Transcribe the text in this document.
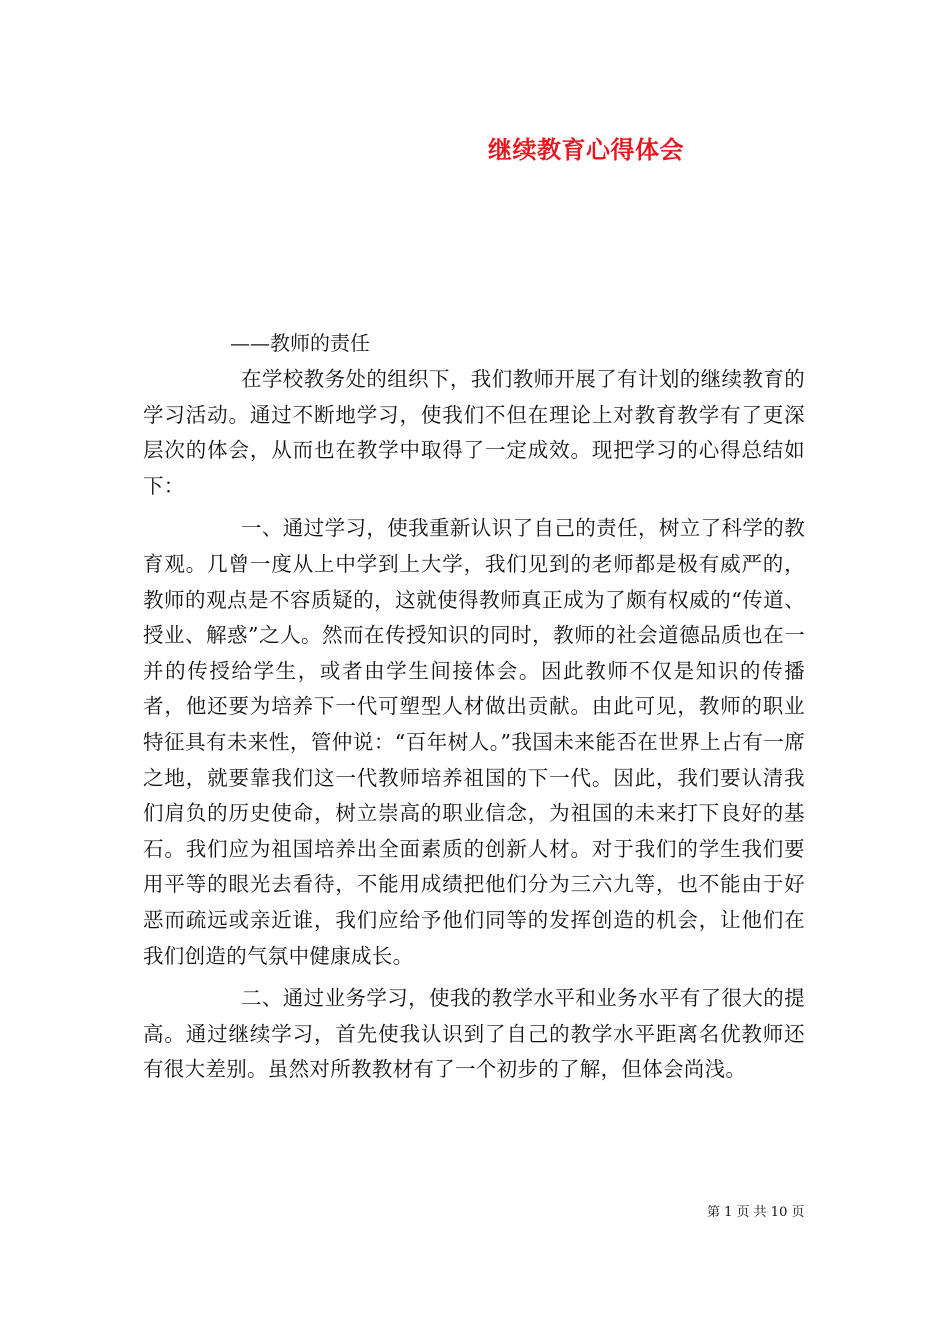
继续教育心得体会
——教师的责任

在学校教务处的组织下，我们教师开展了有计划的继续教育的学习活动。通过不断地学习，使我们不但在理论上对教育教学有了更深层次的体会，从而也在教学中取得了一定成效。现把学习的心得总结如下：

一、通过学习，使我重新认识了自己的责任，树立了科学的教育观。几曾一度从上中学到上大学，我们见到的老师都是极有威严的，教师的观点是不容质疑的，这就使得教师真正成为了颇有权威的“传道、授业、解惑”之人。然而在传授知识的同时，教师的社会道德品质也在一并的传授给学生，或者由学生间接体会。因此教师不仅是知识的传播者，他还要为培养下一代可塑型人材做出贡献。由此可见，教师的职业特征具有未来性，管仲说：“百年树人。”我国未来能否在世界上占有一席之地，就要靠我们这一代教师培养祖国的下一代。因此，我们要认清我们肩负的历史使命，树立崇高的职业信念，为祖国的未来打下良好的基石。我们应为祖国培养出全面素质的创新人材。对于我们的学生我们要用平等的眼光去看待，不能用成绩把他们分为三六九等，也不能由于好恶而疏远或亲近谁，我们应给予他们同等的发挥创造的机会，让他们在我们创造的气氛中健康成长。

二、通过业务学习，使我的教学水平和业务水平有了很大的提高。通过继续学习，首先使我认识到了自己的教学水平距离名优教师还有很大差别。虽然对所教教材有了一个初步的了解，但体会尚浅。

第 1 页 共 10 页
